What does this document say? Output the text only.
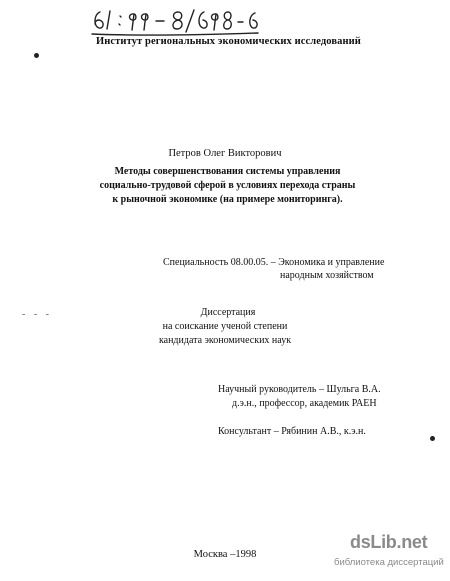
Институт региональных экономических исследований
Петров Олег Викторович
Методы совершенствования системы управления
социально-трудовой сферой в условиях перехода страны
к рыночной экономике (на примере мониторинга).
Специальность 08.00.05. – Экономика и управление
народным хозяйством
- - -	Диссертация
на соискание ученой степени
кандидата экономических наук
Научный руководитель – Шульга В.А.
д.э.н., профессор, академик РАЕН
Консультант – Рябинин А.В., к.э.н.
Москва –1998
dsLib.net
библиотека диссертаций
